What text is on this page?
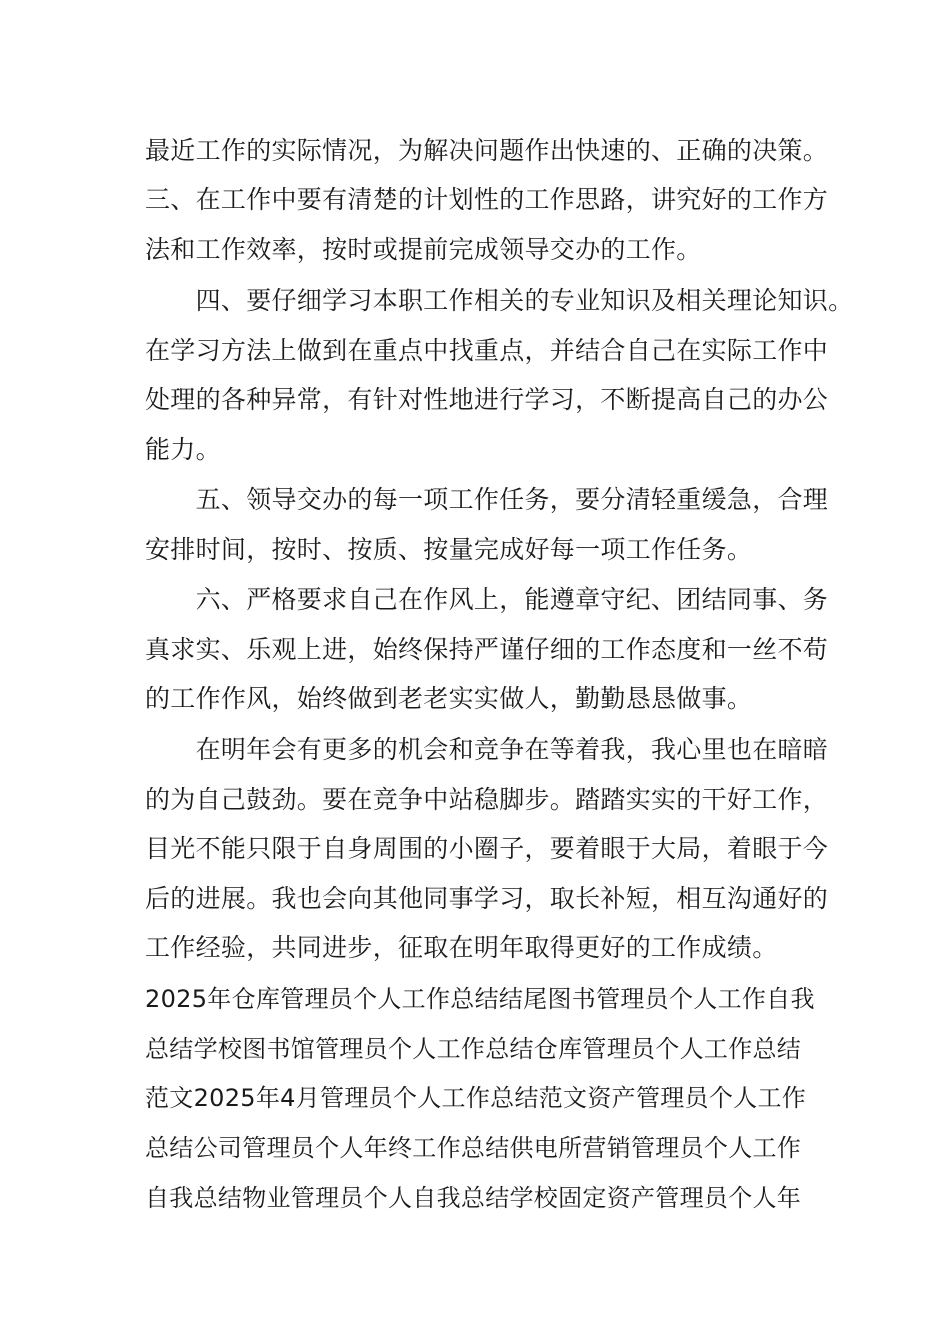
最近工作的实际情况，为解决问题作出快速的、正确的决策。
三、在工作中要有清楚的计划性的工作思路，讲究好的工作方
法和工作效率，按时或提前完成领导交办的工作。
　　四、要仔细学习本职工作相关的专业知识及相关理论知识。
在学习方法上做到在重点中找重点，并结合自己在实际工作中
处理的各种异常，有针对性地进行学习，不断提高自己的办公
能力。
　　五、领导交办的每一项工作任务，要分清轻重缓急，合理
安排时间，按时、按质、按量完成好每一项工作任务。
　　六、严格要求自己在作风上，能遵章守纪、团结同事、务
真求实、乐观上进，始终保持严谨仔细的工作态度和一丝不苟
的工作作风，始终做到老老实实做人，勤勤恳恳做事。
　　在明年会有更多的机会和竞争在等着我，我心里也在暗暗
的为自己鼓劲。要在竞争中站稳脚步。踏踏实实的干好工作，
目光不能只限于自身周围的小圈子，要着眼于大局，着眼于今
后的进展。我也会向其他同事学习，取长补短，相互沟通好的
工作经验，共同进步，征取在明年取得更好的工作成绩。
2025年仓库管理员个人工作总结结尾图书管理员个人工作自我
总结学校图书馆管理员个人工作总结仓库管理员个人工作总结
范文2025年4月管理员个人工作总结范文资产管理员个人工作
总结公司管理员个人年终工作总结供电所营销管理员个人工作
自我总结物业管理员个人自我总结学校固定资产管理员个人年
